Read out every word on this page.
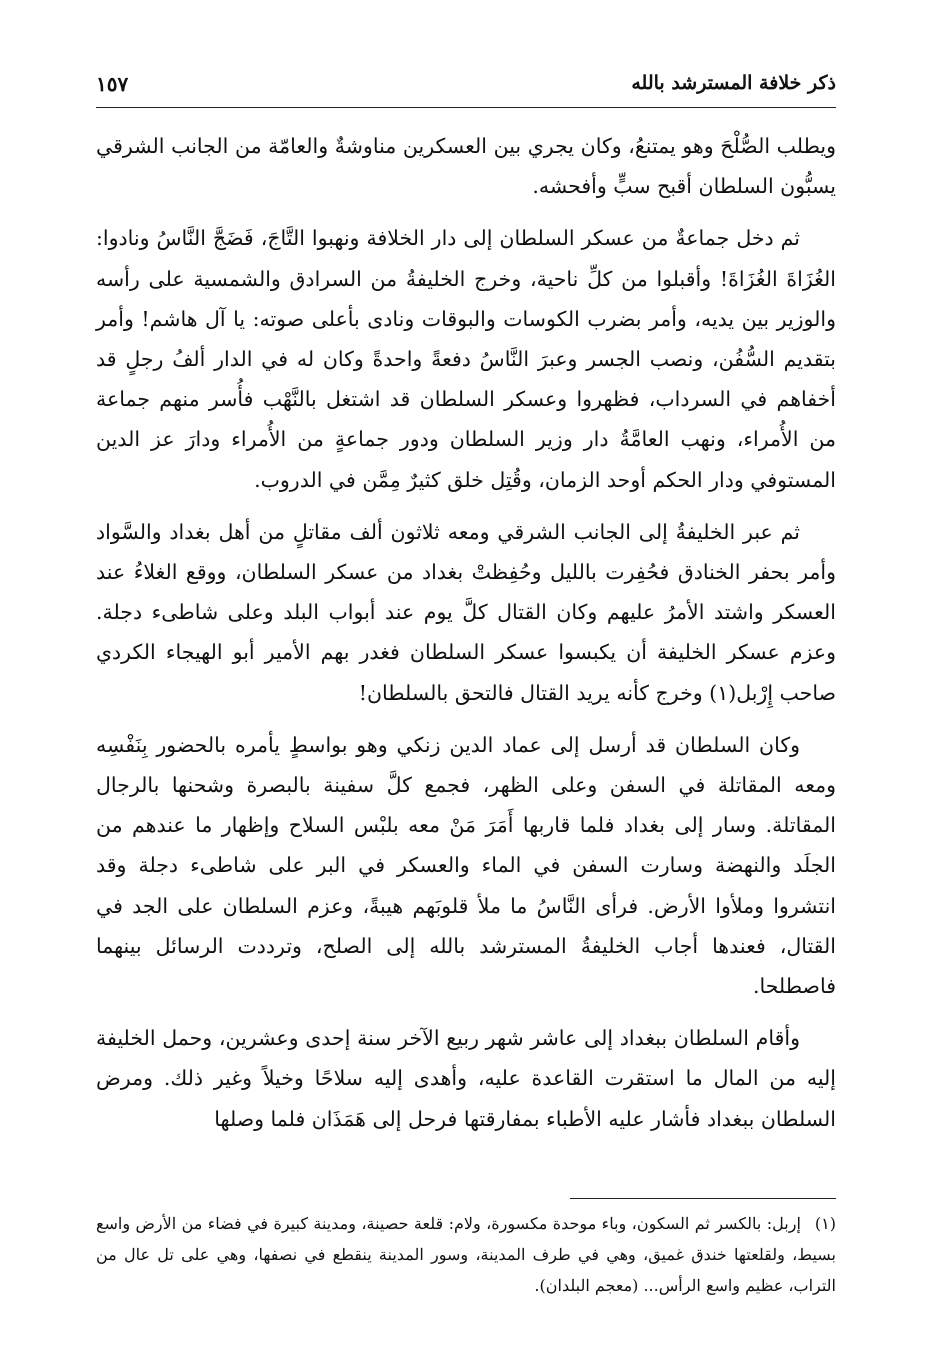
ذكر خلافة المسترشد بالله
١٥٧

ويطلب الصُّلْحَ وهو يمتنعُ، وكان يجري بين العسكرين مناوشةٌ والعامّة من الجانب الشرقي يسبُّون السلطان أقبح سبٍّ وأفحشه.

ثم دخل جماعةٌ من عسكر السلطان إلى دار الخلافة ونهبوا التَّاجَ، فَضَجَّ النَّاسُ ونادوا: الغُزَاةَ الغُزَاةَ! وأقبلوا من كلِّ ناحية، وخرج الخليفةُ من السرادق والشمسية على رأسه والوزير بين يديه، وأمر بضرب الكوسات والبوقات ونادى بأعلى صوته: يا آل هاشم! وأمر بتقديم السُّفُن، ونصب الجسر وعبرَ النَّاسُ دفعةً واحدةً وكان له في الدار ألفُ رجلٍ قد أخفاهم في السرداب، فظهروا وعسكر السلطان قد اشتغل بالنَّهْب فأُسر منهم جماعة من الأُمراء، ونهب العامَّةُ دار وزير السلطان ودور جماعةٍ من الأُمراء ودارَ عز الدين المستوفي ودار الحكم أوحد الزمان، وقُتِل خلق كثيرٌ مِمَّن في الدروب.

ثم عبر الخليفةُ إلى الجانب الشرقي ومعه ثلاثون ألف مقاتلٍ من أهل بغداد والسَّواد وأمر بحفر الخنادق فحُفِرت بالليل وحُفِظتْ بغداد من عسكر السلطان، ووقع الغلاءُ عند العسكر واشتد الأمرُ عليهم وكان القتال كلَّ يوم عند أبواب البلد وعلى شاطىء دجلة. وعزم عسكر الخليفة أن يكبسوا عسكر السلطان فغدر بهم الأمير أبو الهيجاء الكردي صاحب إِرْبل(١) وخرج كأنه يريد القتال فالتحق بالسلطان!

وكان السلطان قد أرسل إلى عماد الدين زنكي وهو بواسطٍ يأمره بالحضور بِنَفْسِه ومعه المقاتلة في السفن وعلى الظهر، فجمع كلَّ سفينة بالبصرة وشحنها بالرجال المقاتلة. وسار إلى بغداد فلما قاربها أَمَرَ مَنْ معه بلبْس السلاح وإظهار ما عندهم من الجلَد والنهضة وسارت السفن في الماء والعسكر في البر على شاطىء دجلة وقد انتشروا وملأوا الأرض. فرأى النَّاسُ ما ملأ قلوبَهم هيبةً، وعزم السلطان على الجد في القتال، فعندها أجاب الخليفةُ المسترشد بالله إلى الصلح، وترددت الرسائل بينهما فاصطلحا.

وأقام السلطان ببغداد إلى عاشر شهر ربيع الآخر سنة إحدى وعشرين، وحمل الخليفة إليه من المال ما استقرت القاعدة عليه، وأهدى إليه سلاحًا وخيلاً وغير ذلك. ومرض السلطان ببغداد فأشار عليه الأطباء بمفارقتها فرحل إلى هَمَذَان فلما وصلها

(١)إربل: بالكسر ثم السكون، وباء موحدة مكسورة، ولام: قلعة حصينة، ومدينة كبيرة في فضاء من الأرض واسع بسيط، ولقلعتها خندق غميق، وهي في طرف المدينة، وسور المدينة ينقطع في نصفها، وهي على تل عال من التراب، عظيم واسع الرأس... (معجم البلدان).
